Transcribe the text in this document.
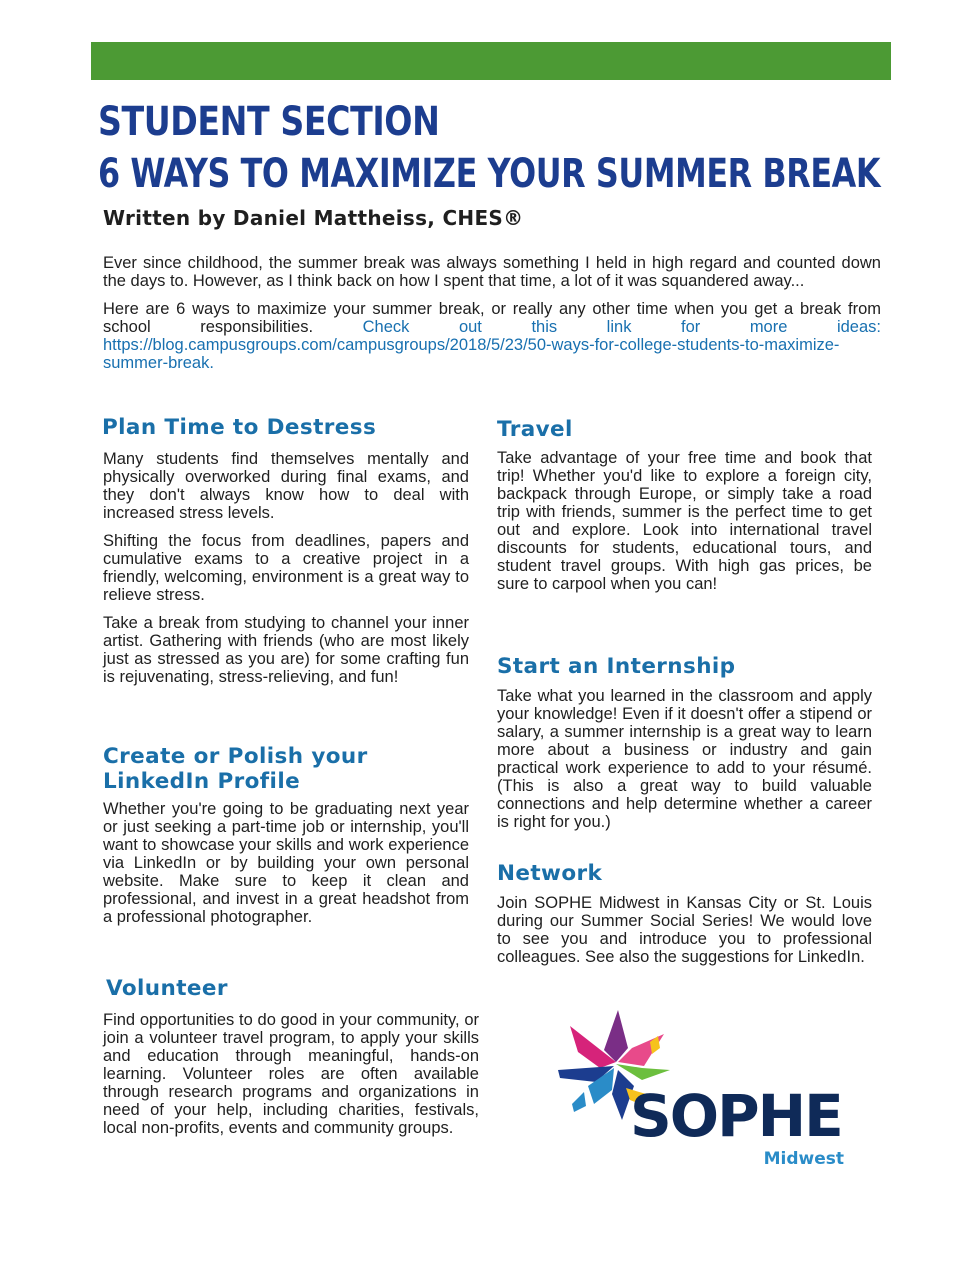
STUDENT SECTION
6 WAYS TO MAXIMIZE YOUR SUMMER BREAK

Written by Daniel Mattheiss, CHES®

Ever since childhood, the summer break was always something I held in high regard and counted down the days to. However, as I think back on how I spent that time, a lot of it was squandered away...

Here are 6 ways to maximize your summer break, or really any other time when you get a break from school responsibilities. Check out this link for more ideas: https://blog.campusgroups.com/campusgroups/2018/5/23/50-ways-for-college-students-to-maximize-summer-break.

Plan Time to Destress

Many students find themselves mentally and physically overworked during final exams, and they don't always know how to deal with increased stress levels.

Shifting the focus from deadlines, papers and cumulative exams to a creative project in a friendly, welcoming, environment is a great way to relieve stress.

Take a break from studying to channel your inner artist. Gathering with friends (who are most likely just as stressed as you are) for some crafting fun is rejuvenating, stress-relieving, and fun!

Create or Polish your
LinkedIn Profile

Whether you're going to be graduating next year or just seeking a part-time job or internship, you'll want to showcase your skills and work experience via LinkedIn or by building your own personal website. Make sure to keep it clean and professional, and invest in a great headshot from a professional photographer.

Volunteer

Find opportunities to do good in your community, or join a volunteer travel program, to apply your skills and education through meaningful, hands-on learning. Volunteer roles are often available through research programs and organizations in need of your help, including charities, festivals, local non-profits, events and community groups.

Travel

Take advantage of your free time and book that trip! Whether you'd like to explore a foreign city, backpack through Europe, or simply take a road trip with friends, summer is the perfect time to get out and explore. Look into international travel discounts for students, educational tours, and student travel groups. With high gas prices, be sure to carpool when you can!

Start an Internship

Take what you learned in the classroom and apply your knowledge! Even if it doesn't offer a stipend or salary, a summer internship is a great way to learn more about a business or industry and gain practical work experience to add to your résumé. (This is also a great way to build valuable connections and help determine whether a career is right for you.)

Network

Join SOPHE Midwest in Kansas City or St. Louis during our Summer Social Series! We would love to see you and introduce you to professional colleagues. See also the suggestions for LinkedIn.

SOPHE
Midwest
